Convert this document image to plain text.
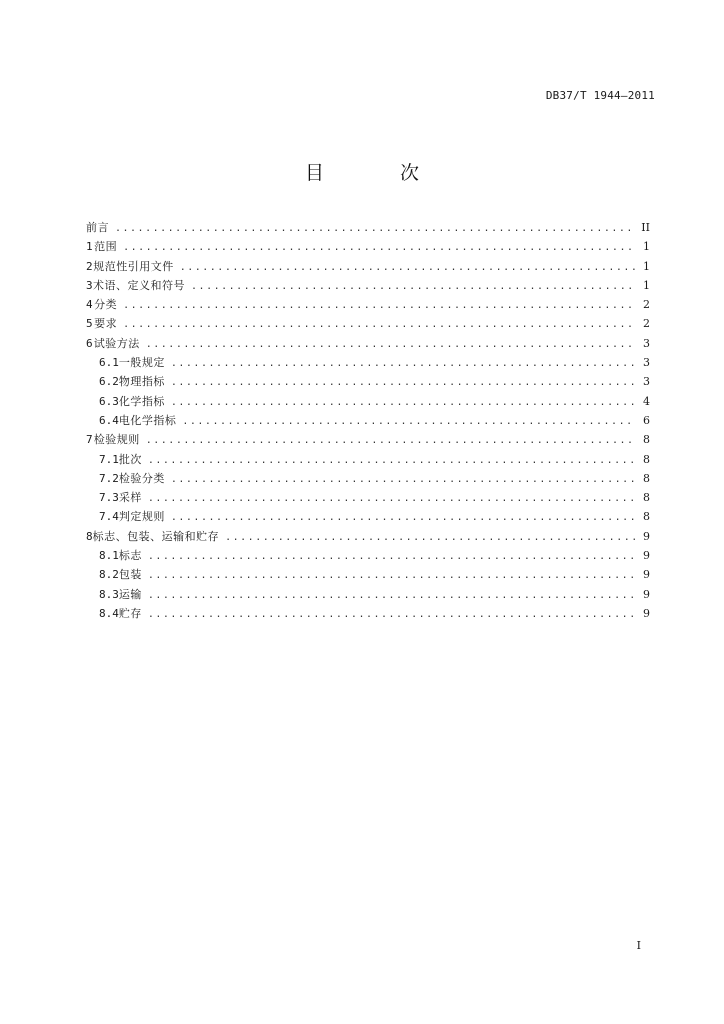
DB37/T 1944—2011
目 次
前言 .....	II
1 范围 .....	1
2 规范性引用文件 .....	1
3 术语、定义和符号 .....	1
4 分类 .....	2
5 要求 .....	2
6 试验方法 .....	3
6.1 一般规定 .....	3
6.2 物理指标 .....	3
6.3 化学指标 .....	4
6.4 电化学指标 .....	6
7 检验规则 .....	8
7.1 批次 .....	8
7.2 检验分类 .....	8
7.3 采样 .....	8
7.4 判定规则 .....	8
8 标志、包装、运输和贮存 .....	9
8.1 标志 .....	9
8.2 包装 .....	9
8.3 运输 .....	9
8.4 贮存 .....	9
I
